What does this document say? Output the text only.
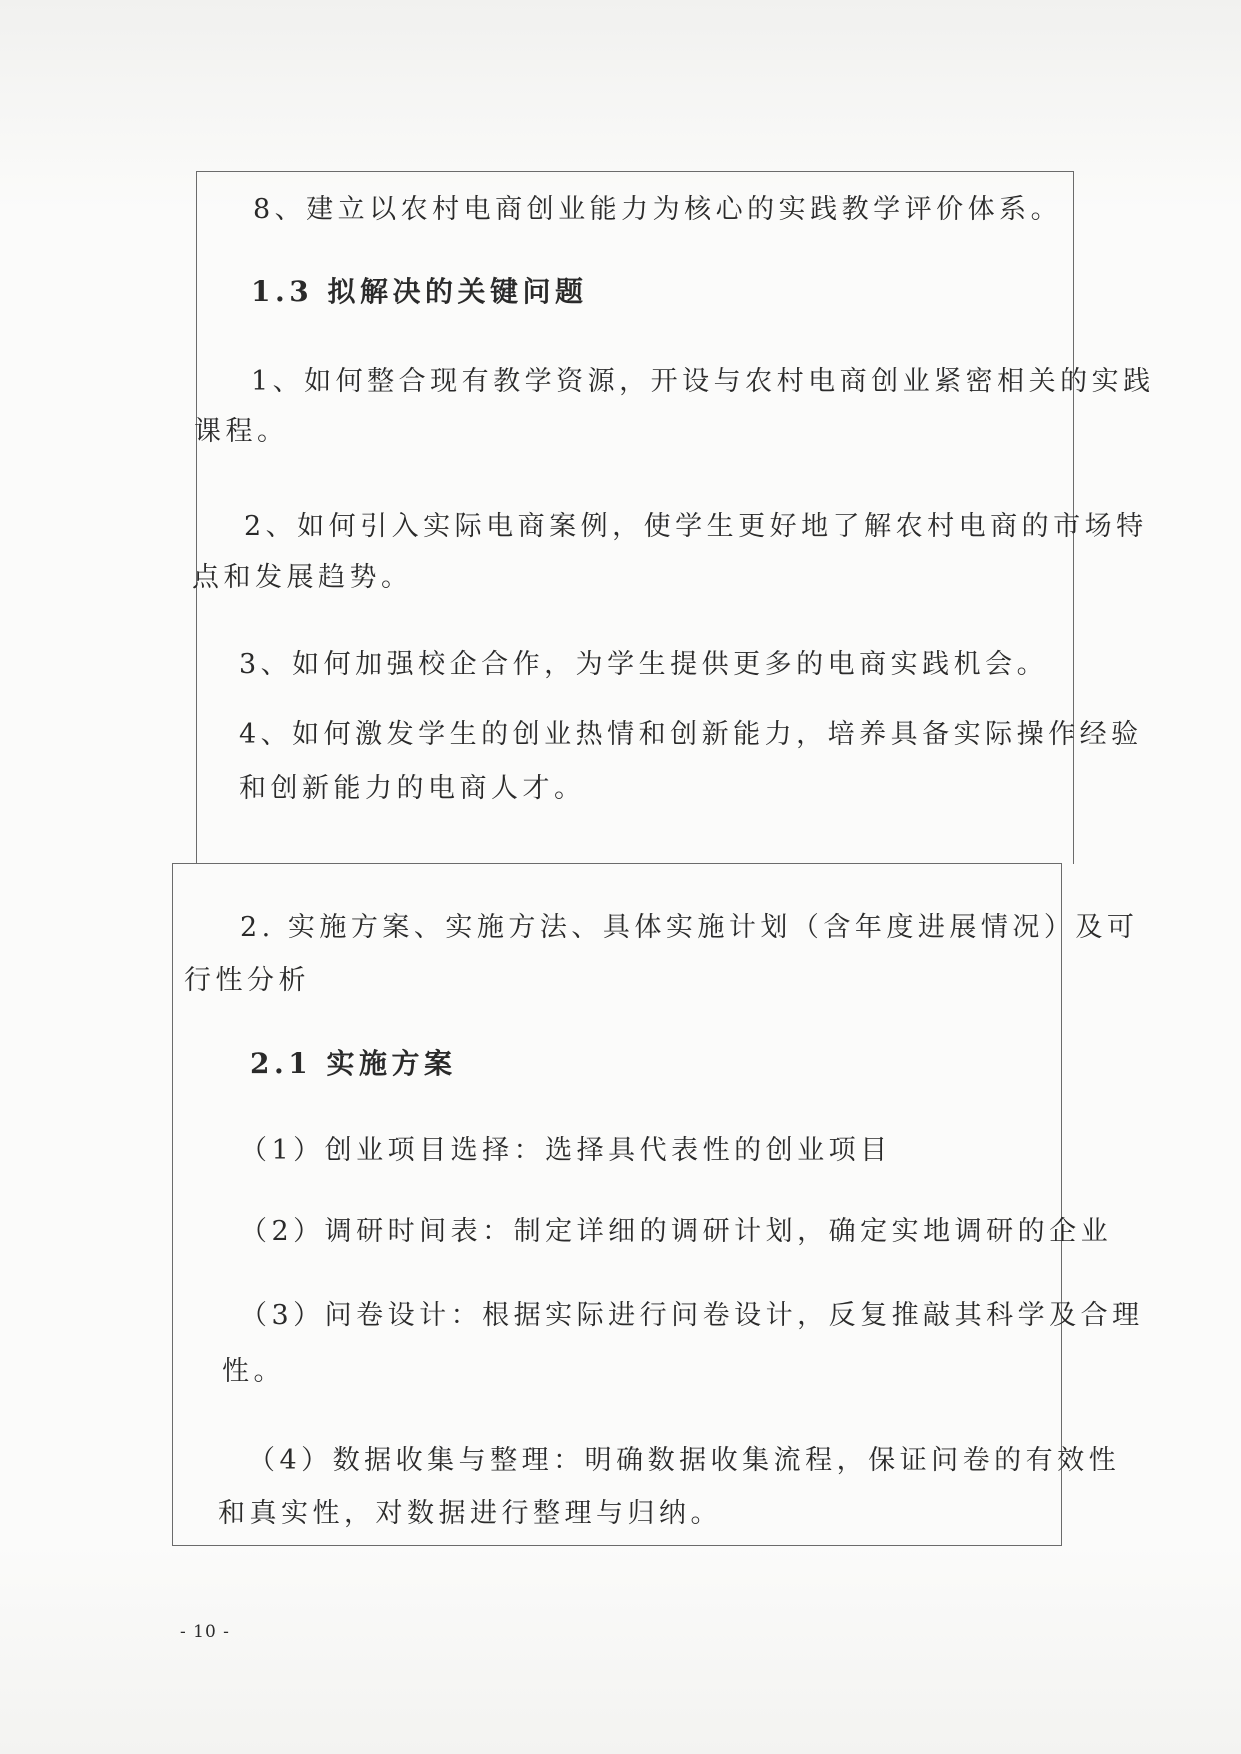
8、建立以农村电商创业能力为核心的实践教学评价体系。
1.3 拟解决的关键问题
1、如何整合现有教学资源，开设与农村电商创业紧密相关的实践
课程。
2、如何引入实际电商案例，使学生更好地了解农村电商的市场特
点和发展趋势。
3、如何加强校企合作，为学生提供更多的电商实践机会。
4、如何激发学生的创业热情和创新能力，培养具备实际操作经验
和创新能力的电商人才。
2. 实施方案、实施方法、具体实施计划（含年度进展情况）及可
行性分析
2.1 实施方案
（1）创业项目选择：选择具代表性的创业项目
（2）调研时间表：制定详细的调研计划，确定实地调研的企业
（3）问卷设计：根据实际进行问卷设计，反复推敲其科学及合理
性。
（4）数据收集与整理：明确数据收集流程，保证问卷的有效性
和真实性，对数据进行整理与归纳。
- 10 -
